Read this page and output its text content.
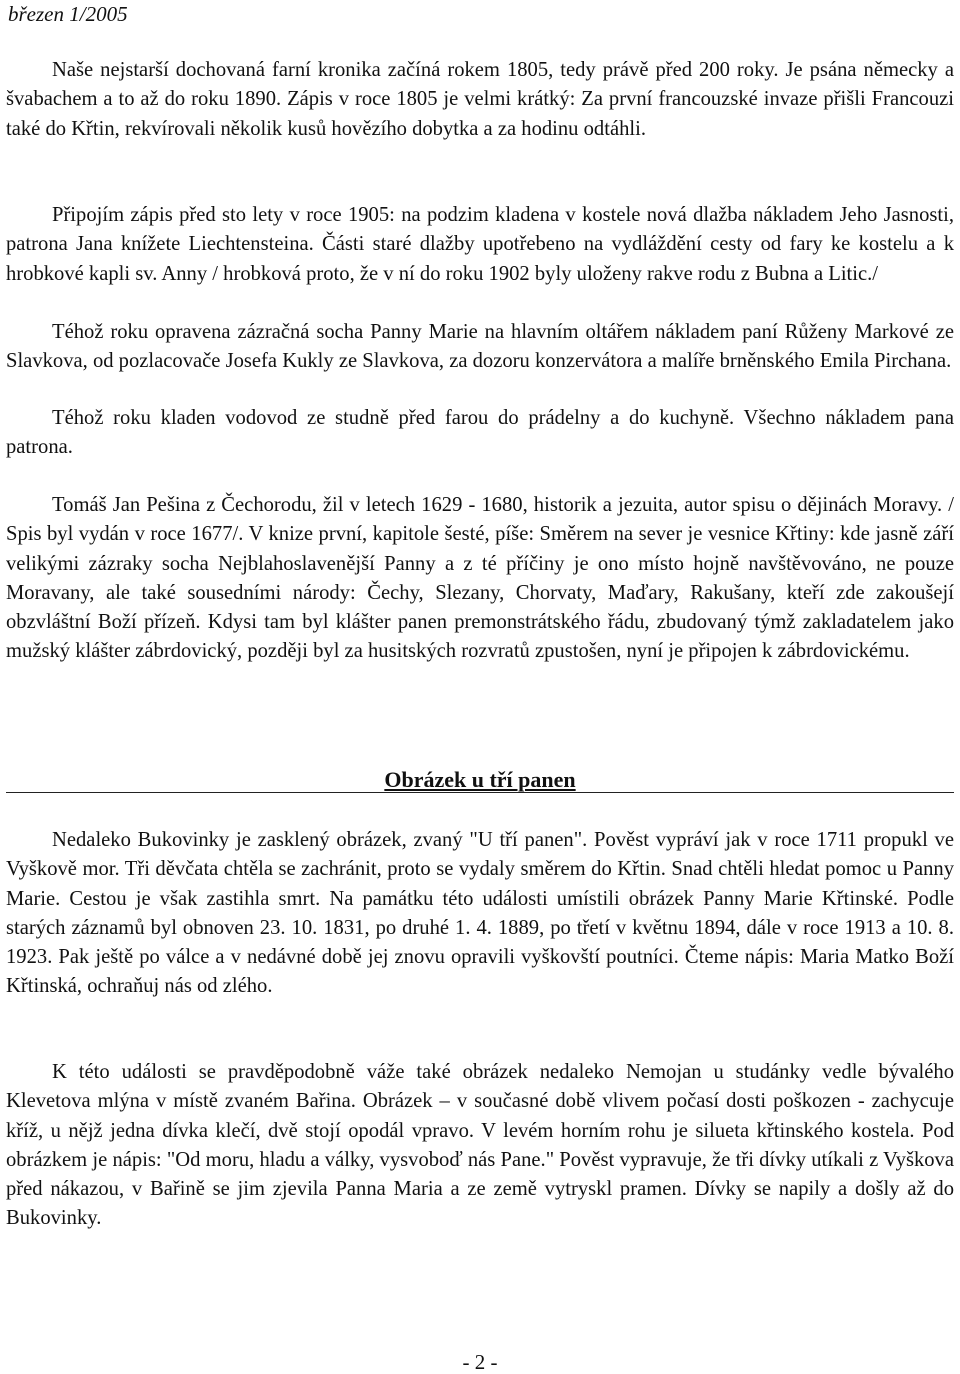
březen 1/2005

Naše nejstarší dochovaná farní kronika začíná rokem 1805, tedy právě před 200 roky. Je psána německy a švabachem a to až do roku 1890. Zápis v roce 1805 je velmi krátký: Za první francouzské invaze přišli Francouzi také do Křtin, rekvírovali několik kusů hovězího dobytka a za hodinu odtáhli.

Připojím zápis před sto lety v roce 1905: na podzim kladena v kostele nová dlažba nákladem Jeho Jasnosti, patrona Jana knížete Liechtensteina. Části staré dlažby upotřebeno na vydláždění cesty od fary ke kostelu a k hrobkové kapli sv. Anny / hrobková proto, že v ní do roku 1902 byly uloženy rakve rodu z Bubna a Litic./

Téhož roku opravena zázračná socha Panny Marie na hlavním oltářem nákladem paní Růženy Markové ze Slavkova, od pozlacovače Josefa Kukly ze Slavkova, za dozoru konzervátora a malíře brněnského Emila Pirchana.

Téhož roku kladen vodovod ze studně před farou do prádelny a do kuchyně. Všechno nákladem pana patrona.

Tomáš Jan Pešina z Čechorodu, žil v letech 1629 - 1680, historik a jezuita, autor spisu o dějinách Moravy. / Spis byl vydán v roce 1677/. V knize první, kapitole šesté, píše: Směrem na sever je vesnice Křtiny: kde jasně září velikými zázraky socha Nejblahoslavenější Panny a z té příčiny je ono místo hojně navštěvováno, ne pouze Moravany, ale také sousedními národy: Čechy, Slezany, Chorvaty, Maďary, Rakušany, kteří zde zakoušejí obzvláštní Boží přízeň. Kdysi tam byl klášter panen premonstrátského řádu, zbudovaný týmž zakladatelem jako mužský klášter zábrdovický, později byl za husitských rozvratů zpustošen, nyní je připojen k zábrdovickému.

Obrázek u tří panen

Nedaleko Bukovinky je zasklený obrázek, zvaný "U tří panen". Pověst vypráví jak v roce 1711 propukl ve Vyškově mor. Tři děvčata chtěla se zachránit, proto se vydaly směrem do Křtin. Snad chtěli hledat pomoc u Panny Marie. Cestou je však zastihla smrt. Na památku této události umístili obrázek Panny Marie Křtinské. Podle starých záznamů byl obnoven 23. 10. 1831, po druhé 1. 4. 1889, po třetí v květnu 1894, dále v roce 1913 a 10. 8. 1923. Pak ještě po válce a v nedávné době jej znovu opravili vyškovští poutníci. Čteme nápis: Maria Matko Boží Křtinská, ochraňuj nás od zlého.

K této události se pravděpodobně váže také obrázek nedaleko Nemojan u studánky vedle bývalého Klevetova mlýna v místě zvaném Bařina. Obrázek – v současné době vlivem počasí dosti poškozen - zachycuje kříž, u nějž jedna dívka klečí, dvě stojí opodál vpravo. V levém horním rohu je silueta křtinského kostela. Pod obrázkem je nápis: "Od moru, hladu a války, vysvoboď nás Pane." Pověst vypravuje, že tři dívky utíkali z Vyškova před nákazou, v Bařině se jim zjevila Panna Maria a ze země vytryskl pramen. Dívky se napily a došly až do Bukovinky.

- 2 -
